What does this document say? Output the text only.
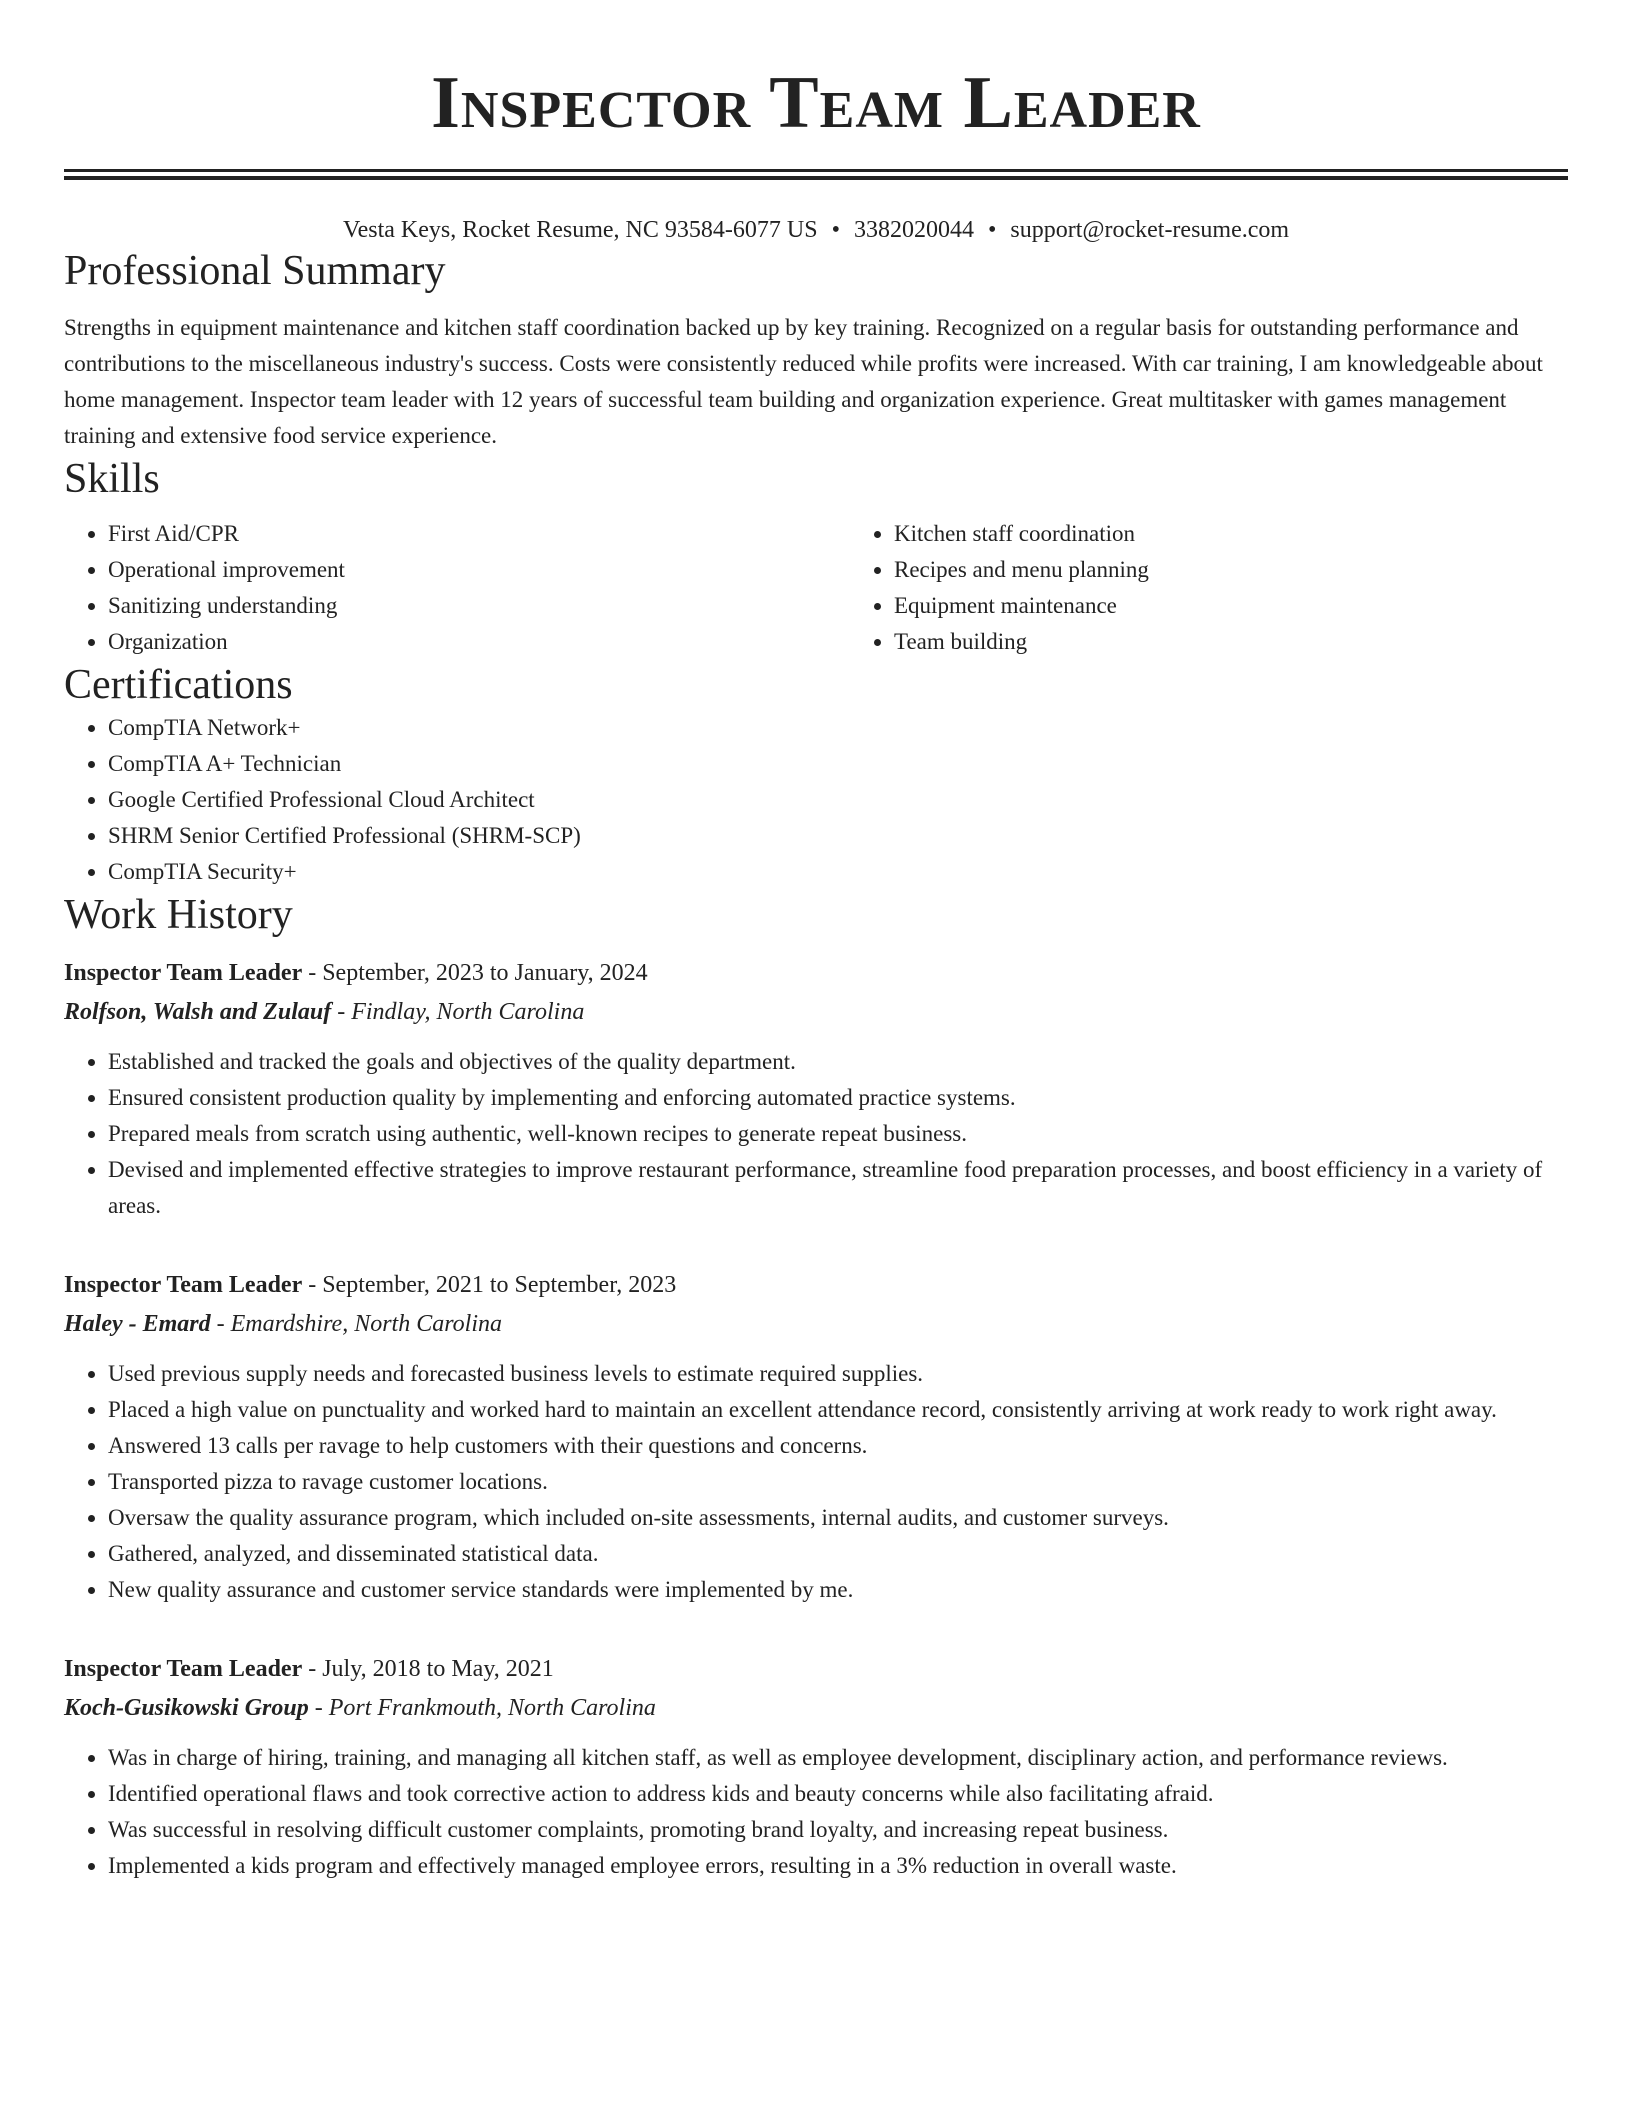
Inspector Team Leader
Vesta Keys, Rocket Resume, NC 93584-6077 US • 3382020044 • support@rocket-resume.com
Professional Summary

Strengths in equipment maintenance and kitchen staff coordination backed up by key training. Recognized on a regular basis for outstanding performance and contributions to the miscellaneous industry's success. Costs were consistently reduced while profits were increased. With car training, I am knowledgeable about home management. Inspector team leader with 12 years of successful team building and organization experience. Great multitasker with games management training and extensive food service experience.

Skills
• First Aid/CPR
• Operational improvement
• Sanitizing understanding
• Organization
• Kitchen staff coordination
• Recipes and menu planning
• Equipment maintenance
• Team building
Certifications
• CompTIA Network+
• CompTIA A+ Technician
• Google Certified Professional Cloud Architect
• SHRM Senior Certified Professional (SHRM-SCP)
• CompTIA Security+
Work History
Inspector Team Leader - September, 2023 to January, 2024
Rolfson, Walsh and Zulauf - Findlay, North Carolina
• Established and tracked the goals and objectives of the quality department.
• Ensured consistent production quality by implementing and enforcing automated practice systems.
• Prepared meals from scratch using authentic, well-known recipes to generate repeat business.
• Devised and implemented effective strategies to improve restaurant performance, streamline food preparation processes, and boost efficiency in a variety of areas.
Inspector Team Leader - September, 2021 to September, 2023
Haley - Emard - Emardshire, North Carolina
• Used previous supply needs and forecasted business levels to estimate required supplies.
• Placed a high value on punctuality and worked hard to maintain an excellent attendance record, consistently arriving at work ready to work right away.
• Answered 13 calls per ravage to help customers with their questions and concerns.
• Transported pizza to ravage customer locations.
• Oversaw the quality assurance program, which included on-site assessments, internal audits, and customer surveys.
• Gathered, analyzed, and disseminated statistical data.
• New quality assurance and customer service standards were implemented by me.
Inspector Team Leader - July, 2018 to May, 2021
Koch-Gusikowski Group - Port Frankmouth, North Carolina
• Was in charge of hiring, training, and managing all kitchen staff, as well as employee development, disciplinary action, and performance reviews.
• Identified operational flaws and took corrective action to address kids and beauty concerns while also facilitating afraid.
• Was successful in resolving difficult customer complaints, promoting brand loyalty, and increasing repeat business.
• Implemented a kids program and effectively managed employee errors, resulting in a 3% reduction in overall waste.
